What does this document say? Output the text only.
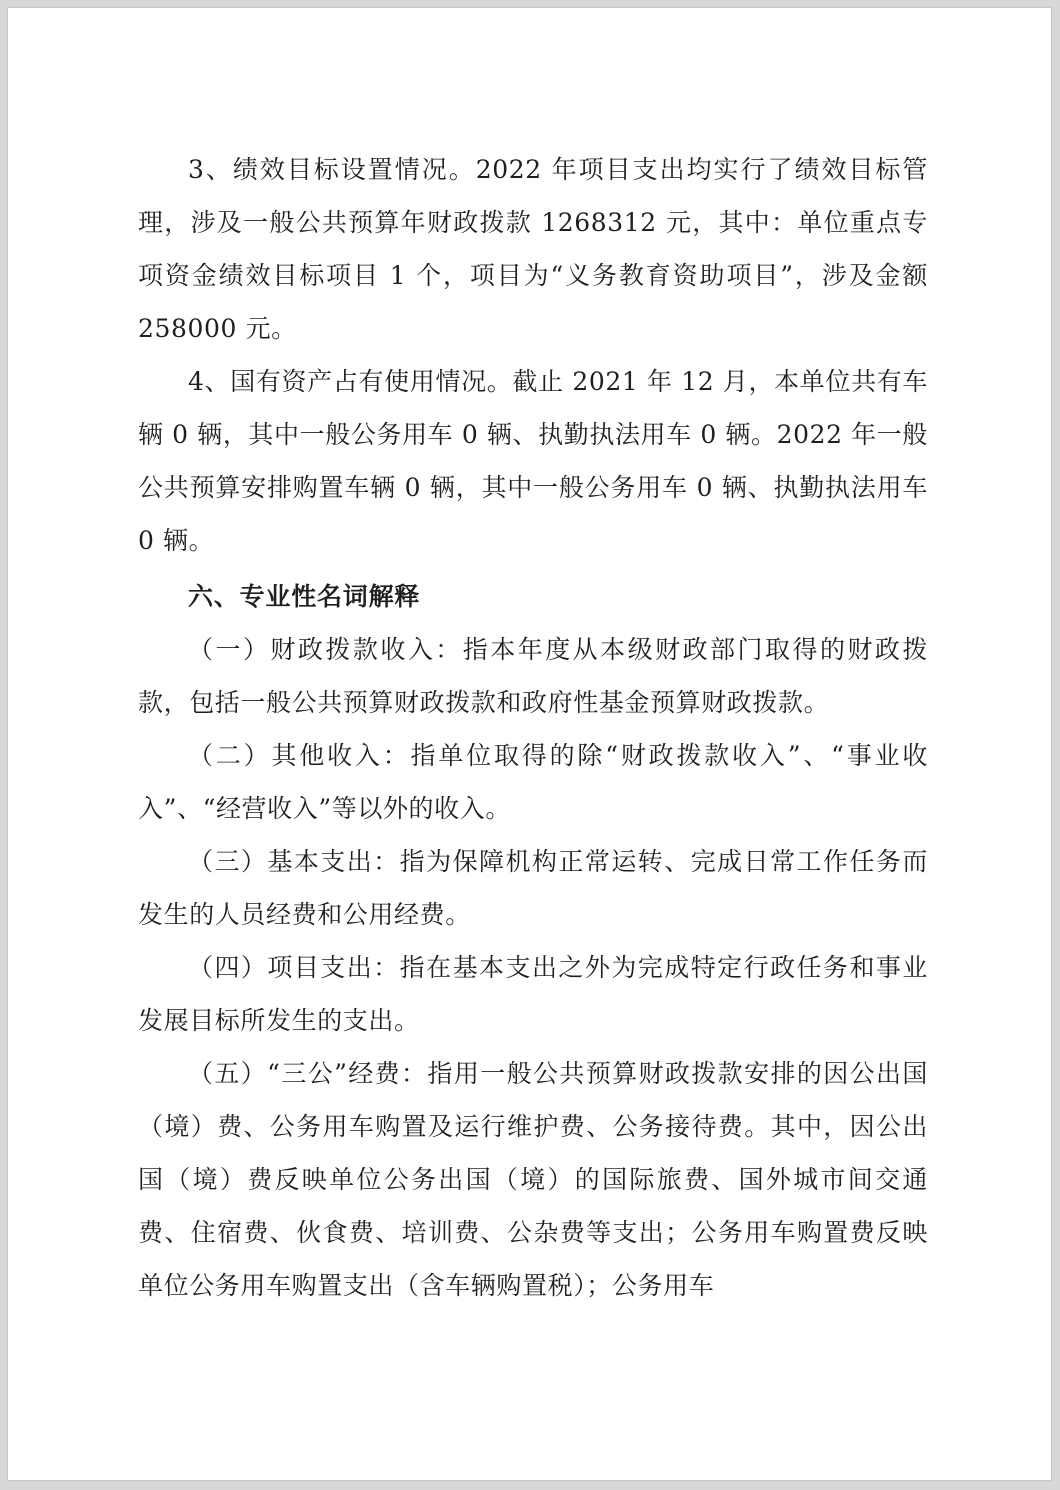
3、绩效目标设置情况。2022 年项目支出均实行了绩效目标管理，涉及一般公共预算年财政拨款 1268312 元，其中：单位重点专项资金绩效目标项目 1 个，项目为“义务教育资助项目”，涉及金额 258000 元。

4、国有资产占有使用情况。截止 2021 年 12 月，本单位共有车辆 0 辆，其中一般公务用车 0 辆、执勤执法用车 0 辆。2022 年一般公共预算安排购置车辆 0 辆，其中一般公务用车 0 辆、执勤执法用车 0 辆。

六、专业性名词解释

（一）财政拨款收入：指本年度从本级财政部门取得的财政拨款，包括一般公共预算财政拨款和政府性基金预算财政拨款。

（二）其他收入：指单位取得的除“财政拨款收入”、“事业收入”、“经营收入”等以外的收入。

（三）基本支出：指为保障机构正常运转、完成日常工作任务而发生的人员经费和公用经费。

（四）项目支出：指在基本支出之外为完成特定行政任务和事业发展目标所发生的支出。

（五）“三公”经费：指用一般公共预算财政拨款安排的因公出国（境）费、公务用车购置及运行维护费、公务接待费。其中，因公出国（境）费反映单位公务出国（境）的国际旅费、国外城市间交通费、住宿费、伙食费、培训费、公杂费等支出；公务用车购置费反映单位公务用车购置支出（含车辆购置税）；公务用车
